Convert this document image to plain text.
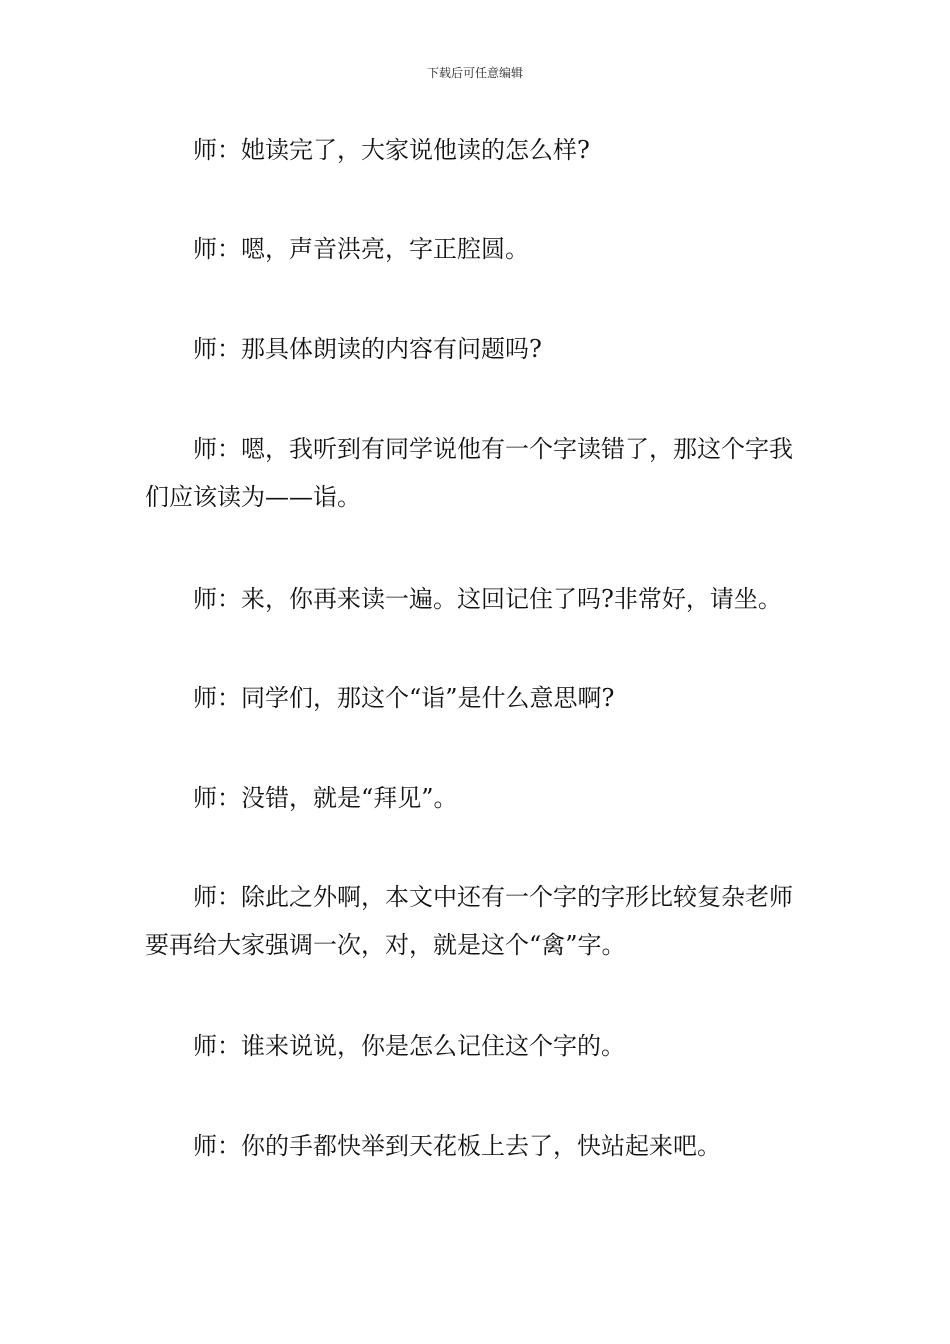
下载后可任意编辑
师：她读完了，大家说他读的怎么样?
师：嗯，声音洪亮，字正腔圆。
师：那具体朗读的内容有问题吗?
师：嗯，我听到有同学说他有一个字读错了，那这个字我们应该读为——诣。
师：来，你再来读一遍。这回记住了吗?非常好，请坐。
师：同学们，那这个“诣”是什么意思啊?
师：没错，就是“拜见”。
师：除此之外啊，本文中还有一个字的字形比较复杂老师要再给大家强调一次，对，就是这个“禽”字。
师：谁来说说，你是怎么记住这个字的。
师：你的手都快举到天花板上去了，快站起来吧。
